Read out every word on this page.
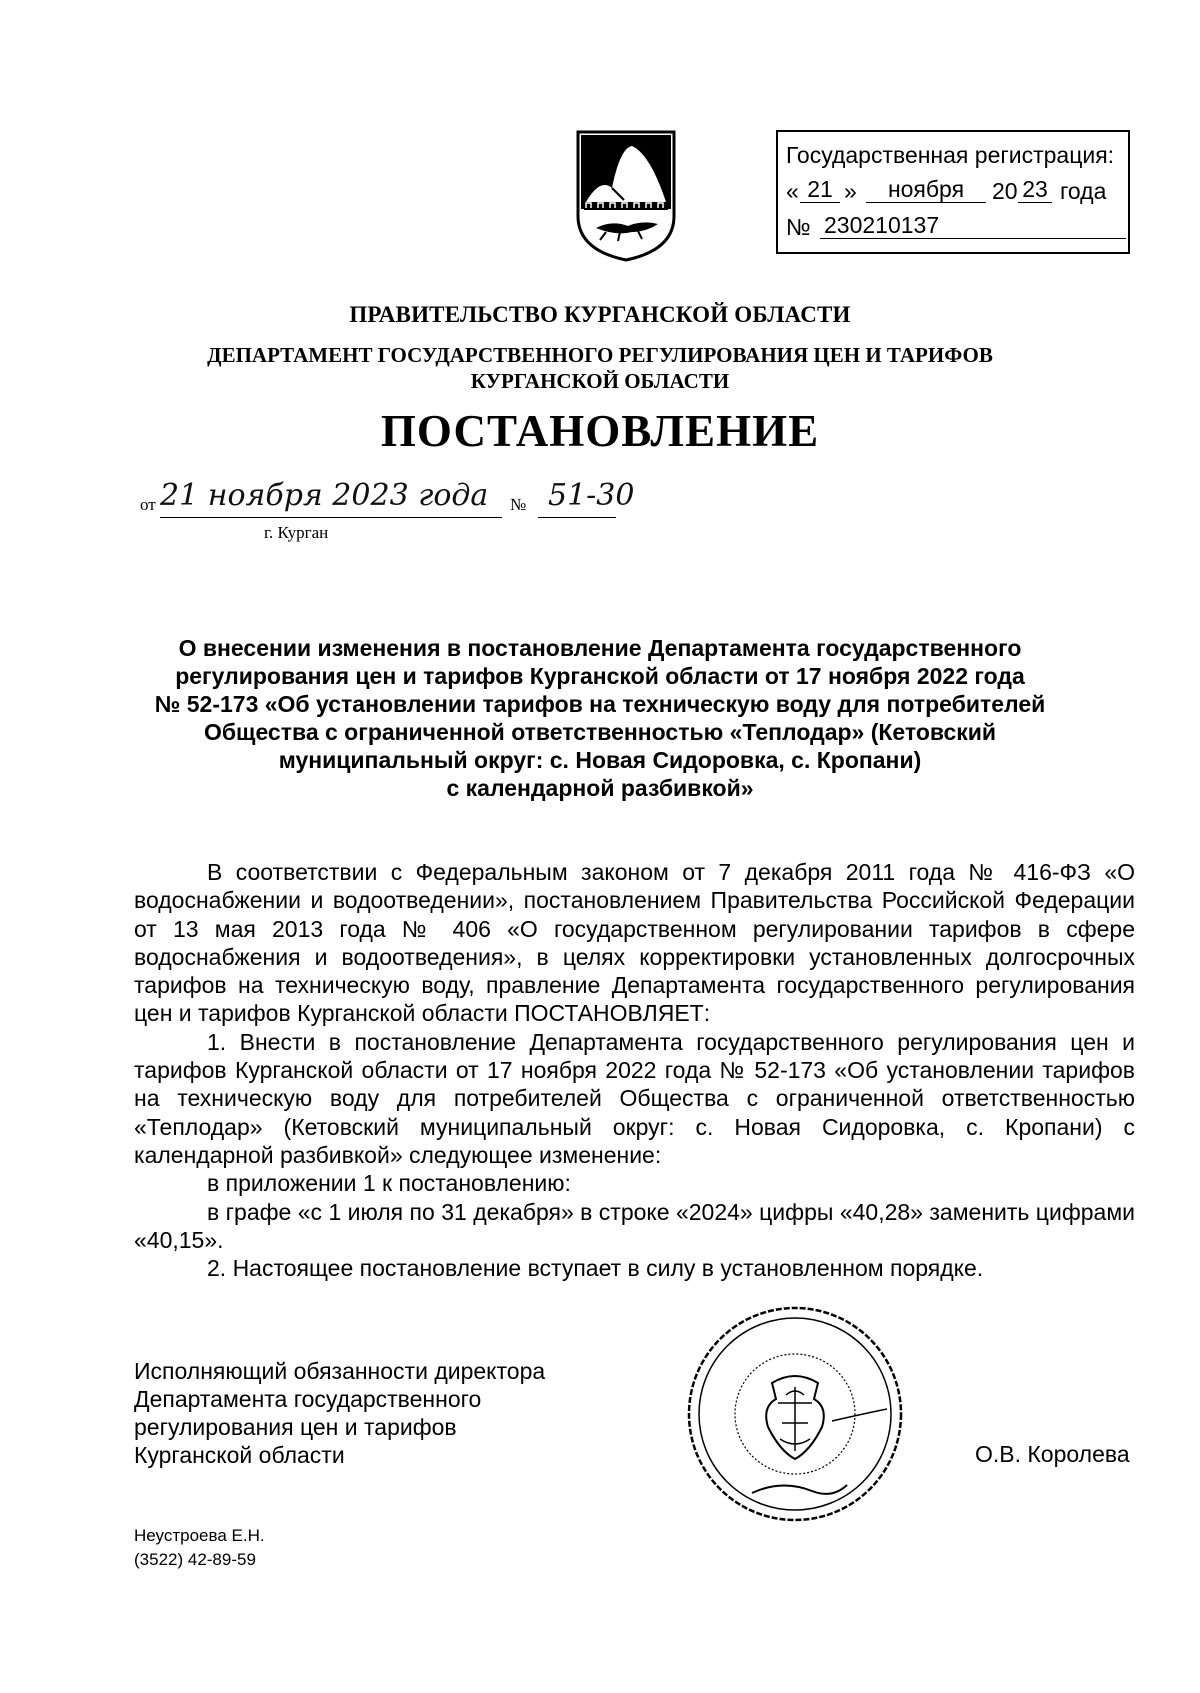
Государственная регистрация:
« 21 »	ноября	20 23 года
№ 230210137
ПРАВИТЕЛЬСТВО КУРГАНСКОЙ ОБЛАСТИ
ДЕПАРТАМЕНТ ГОСУДАРСТВЕННОГО РЕГУЛИРОВАНИЯ ЦЕН И ТАРИФОВ
КУРГАНСКОЙ ОБЛАСТИ
ПОСТАНОВЛЕНИЕ
от 21 ноября 2023 года № 51-30
г. Курган
О внесении изменения в постановление Департамента государственного
регулирования цен и тарифов Курганской области от 17 ноября 2022 года
№ 52-173 «Об установлении тарифов на техническую воду для потребителей
Общества с ограниченной ответственностью «Теплодар» (Кетовский
муниципальный округ: с. Новая Сидоровка, с. Кропани)
с календарной разбивкой»

В соответствии с Федеральным законом от 7 декабря 2011 года № 416-ФЗ «О водоснабжении и водоотведении», постановлением Правительства Российской Федерации от 13 мая 2013 года № 406 «О государственном регулировании тарифов в сфере водоснабжения и водоотведения», в целях корректировки установленных долгосрочных тарифов на техническую воду, правление Департамента государственного регулирования цен и тарифов Курганской области ПОСТАНОВЛЯЕТ:

1. Внести в постановление Департамента государственного регулирования цен и тарифов Курганской области от 17 ноября 2022 года № 52-173 «Об установлении тарифов на техническую воду для потребителей Общества с ограниченной ответственностью «Теплодар» (Кетовский муниципальный округ: с. Новая Сидоровка, с. Кропани) с календарной разбивкой» следующее изменение:

в приложении 1 к постановлению:

в графе «с 1 июля по 31 декабря» в строке «2024» цифры «40,28» заменить цифрами «40,15».

2. Настоящее постановление вступает в силу в установленном порядке.

Исполняющий обязанности директора
Департамента государственного
регулирования цен и тарифов
Курганской области	О.В. Королева
Неустроева Е.Н.
(3522) 42-89-59
